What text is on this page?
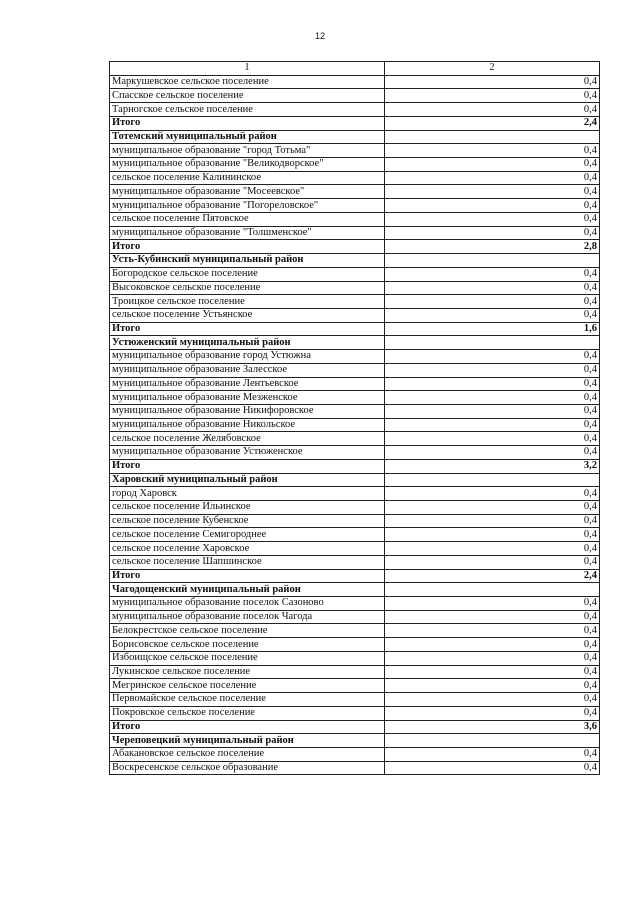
12
1	2
Маркушевское сельское поселение	0,4
Спасское сельское поселение	0,4
Тарногское сельское поселение	0,4
Итого	2,4
Тотемский муниципальный район	
муниципальное образование "город Тотьма"	0,4
муниципальное образование "Великодворское"	0,4
сельское поселение Калининское	0,4
муниципальное образование "Мосеевское"	0,4
муниципальное образование "Погореловское"	0,4
сельское поселение Пятовское	0,4
муниципальное образование "Толшменское"	0,4
Итого	2,8
Усть-Кубинский муниципальный район	
Богородское сельское поселение	0,4
Высоковское сельское поселение	0,4
Троицкое сельское поселение	0,4
сельское поселение Устьянское	0,4
Итого	1,6
Устюженский муниципальный район	
муниципальное образование город Устюжна	0,4
муниципальное образование Залесское	0,4
муниципальное образование Лентьевское	0,4
муниципальное образование Мезженское	0,4
муниципальное образование Никифоровское	0,4
муниципальное образование Никольское	0,4
сельское поселение Желябовское	0,4
муниципальное образование Устюженское	0,4
Итого	3,2
Харовский муниципальный район	
город Харовск	0,4
сельское поселение Ильинское	0,4
сельское поселение Кубенское	0,4
сельское поселение Семигороднее	0,4
сельское поселение Харовское	0,4
сельское поселение Шапшинское	0,4
Итого	2,4
Чагодощенский муниципальный район	
муниципальное образование поселок Сазоново	0,4
муниципальное образование поселок Чагода	0,4
Белокрестское сельское поселение	0,4
Борисовское сельское поселение	0,4
Избоищское сельское поселение	0,4
Лукинское сельское поселение	0,4
Мегринское сельское поселение	0,4
Первомайское сельское поселение	0,4
Покровское сельское поселение	0,4
Итого	3,6
Череповецкий муниципальный район	
Абакановское сельское поселение	0,4
Воскресенское сельское образование	0,4
